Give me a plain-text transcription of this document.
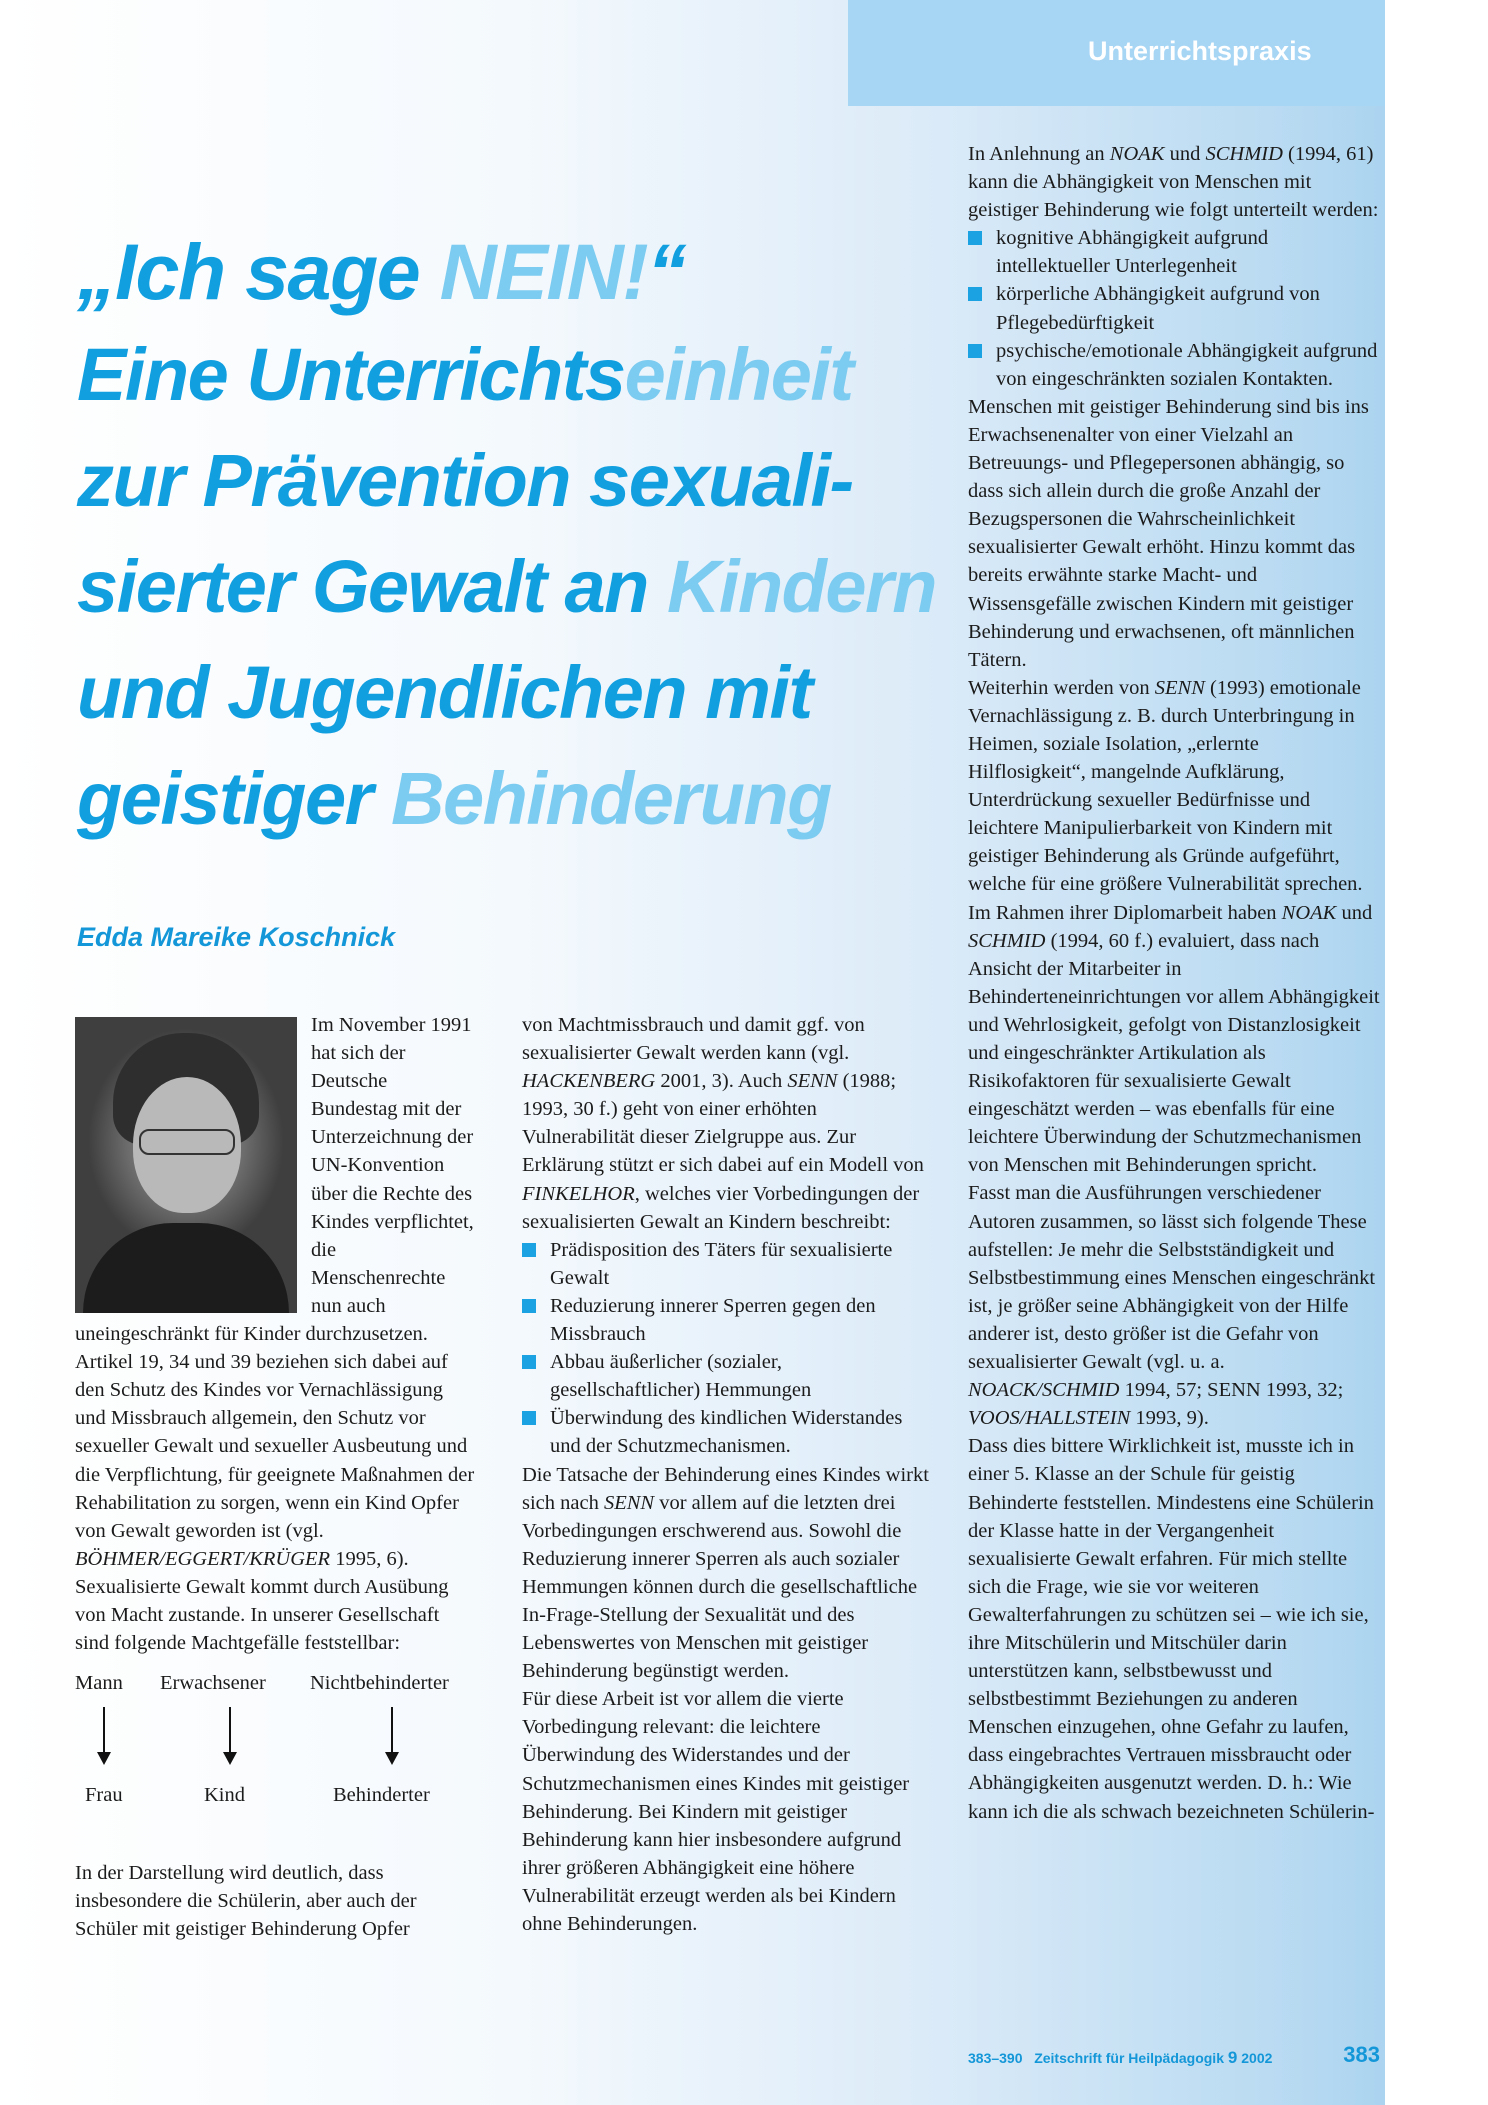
Unterrichtspraxis
„Ich sage NEIN!“
Eine Unterrichtseinheit
zur Prävention sexuali-
sierter Gewalt an Kindern
und Jugendlichen mit
geistiger Behinderung
Edda Mareike Koschnick

Im November 1991 hat sich der Deutsche Bundestag mit der Unterzeichnung der UN-Konvention über die Rechte des Kindes verpflichtet, die Menschenrechte nun auch uneingeschränkt für Kinder durchzusetzen. Artikel 19, 34 und 39 beziehen sich dabei auf den Schutz des Kindes vor Vernachlässigung und Missbrauch allgemein, den Schutz vor sexueller Gewalt und sexueller Ausbeutung und die Verpflichtung, für geeignete Maßnahmen der Rehabilitation zu sorgen, wenn ein Kind Opfer von Gewalt geworden ist (vgl. BÖHMER/EGGERT/KRÜGER 1995, 6).

Sexualisierte Gewalt kommt durch Ausübung von Macht zustande. In unserer Gesellschaft sind folgende Machtgefälle feststellbar:

Mann Erwachsener Nichtbehinderter
Frau	Kind	Behinderter

In der Darstellung wird deutlich, dass insbesondere die Schülerin, aber auch der Schüler mit geistiger Behinderung Opfer

von Machtmissbrauch und damit ggf. von sexualisierter Gewalt werden kann (vgl. HACKENBERG 2001, 3). Auch SENN (1988; 1993, 30 f.) geht von einer erhöhten Vulnerabilität dieser Zielgruppe aus. Zur Erklärung stützt er sich dabei auf ein Modell von FINKELHOR, welches vier Vorbedingungen der sexualisierten Gewalt an Kindern beschreibt:

Prädisposition des Täters für sexualisierte Gewalt
Reduzierung innerer Sperren gegen den Missbrauch
Abbau äußerlicher (sozialer, gesellschaftlicher) Hemmungen
Überwindung des kindlichen Widerstandes und der Schutzmechanismen.

Die Tatsache der Behinderung eines Kindes wirkt sich nach SENN vor allem auf die letzten drei Vorbedingungen erschwerend aus. Sowohl die Reduzierung innerer Sperren als auch sozialer Hemmungen können durch die gesellschaftliche In-Frage-Stellung der Sexualität und des Lebenswertes von Menschen mit geistiger Behinderung begünstigt werden.

Für diese Arbeit ist vor allem die vierte Vorbedingung relevant: die leichtere Überwindung des Widerstandes und der Schutzmechanismen eines Kindes mit geistiger Behinderung. Bei Kindern mit geistiger Behinderung kann hier insbesondere aufgrund ihrer größeren Abhängigkeit eine höhere Vulnerabilität erzeugt werden als bei Kindern ohne Behinderungen.

In Anlehnung an NOAK und SCHMID (1994, 61) kann die Abhängigkeit von Menschen mit geistiger Behinderung wie folgt unterteilt werden:

kognitive Abhängigkeit aufgrund intellektueller Unterlegenheit
körperliche Abhängigkeit aufgrund von Pflegebedürftigkeit
psychische/emotionale Abhängigkeit aufgrund von eingeschränkten sozialen Kontakten.

Menschen mit geistiger Behinderung sind bis ins Erwachsenenalter von einer Vielzahl an Betreuungs- und Pflegepersonen abhängig, so dass sich allein durch die große Anzahl der Bezugspersonen die Wahrscheinlichkeit sexualisierter Gewalt erhöht. Hinzu kommt das bereits erwähnte starke Macht- und Wissensgefälle zwischen Kindern mit geistiger Behinderung und erwachsenen, oft männlichen Tätern.

Weiterhin werden von SENN (1993) emotionale Vernachlässigung z. B. durch Unterbringung in Heimen, soziale Isolation, „erlernte Hilflosigkeit“, mangelnde Aufklärung, Unterdrückung sexueller Bedürfnisse und leichtere Manipulierbarkeit von Kindern mit geistiger Behinderung als Gründe aufgeführt, welche für eine größere Vulnerabilität sprechen. Im Rahmen ihrer Diplomarbeit haben NOAK und SCHMID (1994, 60 f.) evaluiert, dass nach Ansicht der Mitarbeiter in Behinderteneinrichtungen vor allem Abhängigkeit und Wehrlosigkeit, gefolgt von Distanzlosigkeit und eingeschränkter Artikulation als Risikofaktoren für sexualisierte Gewalt eingeschätzt werden – was ebenfalls für eine leichtere Überwindung der Schutzmechanismen von Menschen mit Behinderungen spricht.

Fasst man die Ausführungen verschiedener Autoren zusammen, so lässt sich folgende These aufstellen: Je mehr die Selbstständigkeit und Selbstbestimmung eines Menschen eingeschränkt ist, je größer seine Abhängigkeit von der Hilfe anderer ist, desto größer ist die Gefahr von sexualisierter Gewalt (vgl. u. a. NOACK/SCHMID 1994, 57; SENN 1993, 32; VOOS/HALLSTEIN 1993, 9).

Dass dies bittere Wirklichkeit ist, musste ich in einer 5. Klasse an der Schule für geistig Behinderte feststellen. Mindestens eine Schülerin der Klasse hatte in der Vergangenheit sexualisierte Gewalt erfahren. Für mich stellte sich die Frage, wie sie vor weiteren Gewalterfahrungen zu schützen sei – wie ich sie, ihre Mitschülerin und Mitschüler darin unterstützen kann, selbstbewusst und selbstbestimmt Beziehungen zu anderen Menschen einzugehen, ohne Gefahr zu laufen, dass eingebrachtes Vertrauen missbraucht oder Abhängigkeiten ausgenutzt werden. D. h.: Wie kann ich die als schwach bezeichneten Schülerin-

383–390 Zeitschrift für Heilpädagogik 9 2002	383
